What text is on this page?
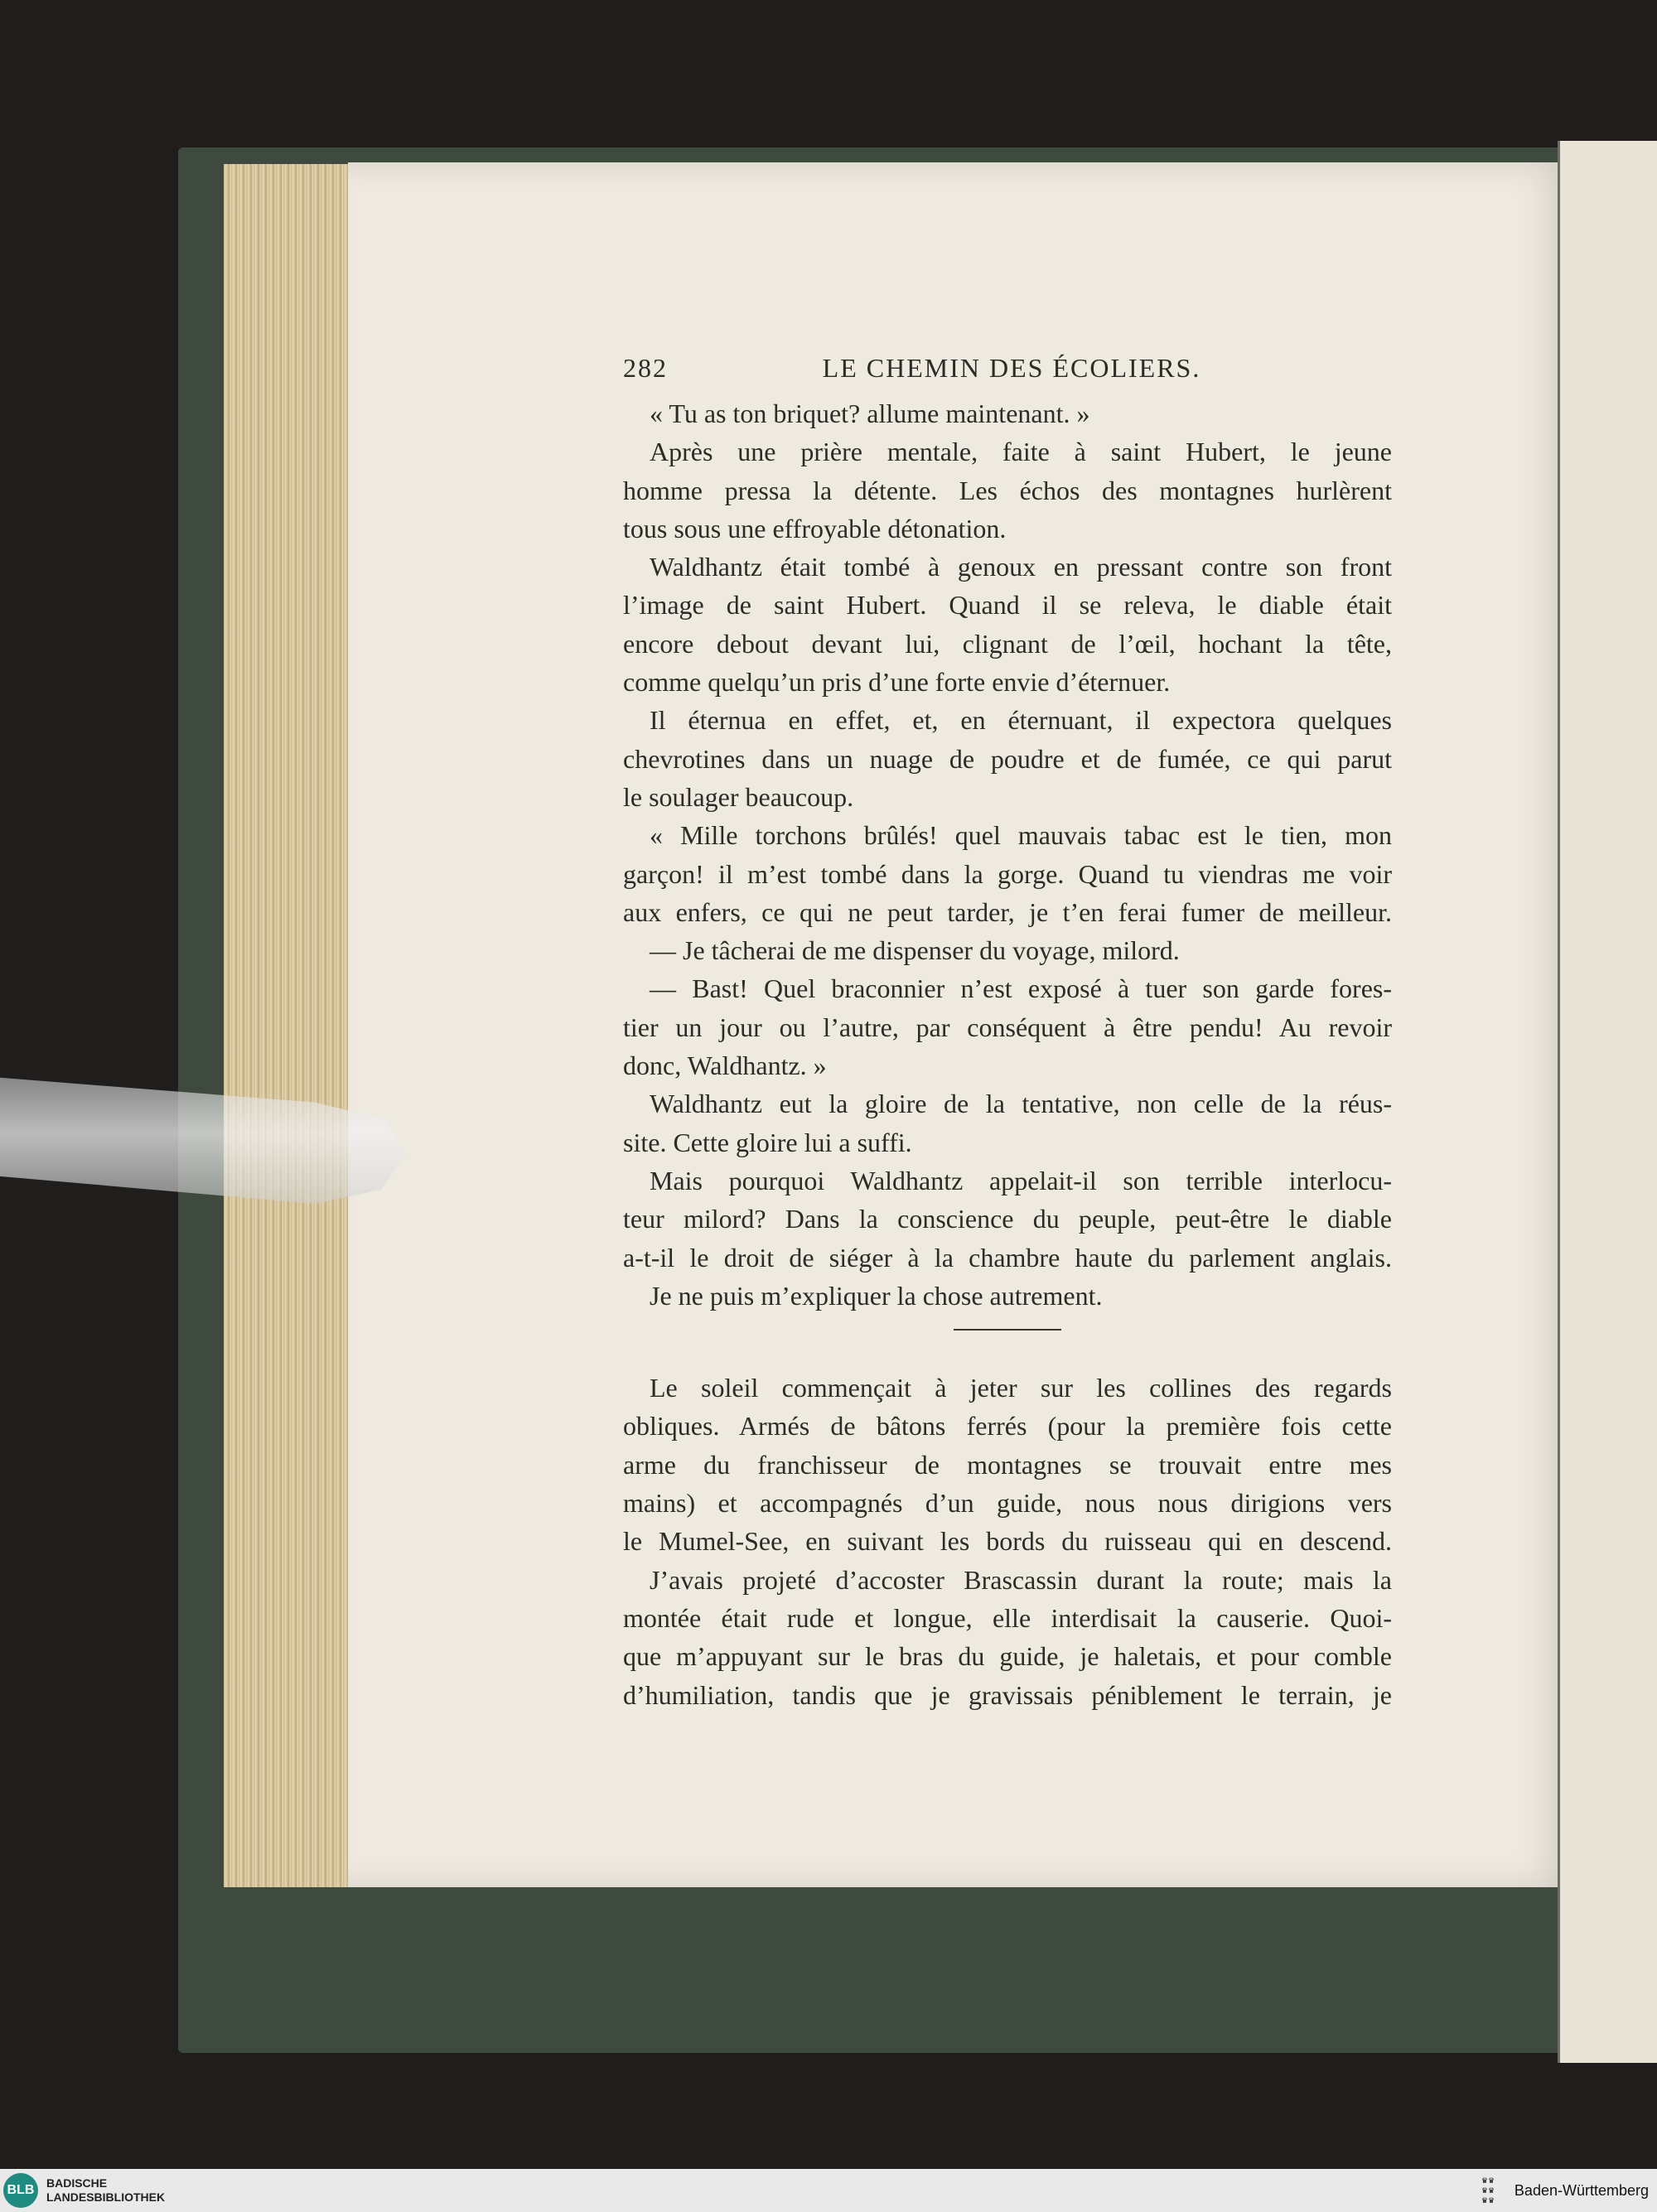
282	LE CHEMIN DES ÉCOLIERS.
« Tu as ton briquet? allume maintenant. »
Après une prière mentale, faite à saint Hubert, le jeune
homme pressa la détente. Les échos des montagnes hurlèrent
tous sous une effroyable détonation.
Waldhantz était tombé à genoux en pressant contre son front
l’image de saint Hubert. Quand il se releva, le diable était
encore debout devant lui, clignant de l’œil, hochant la tête,
comme quelqu’un pris d’une forte envie d’éternuer.
Il éternua en effet, et, en éternuant, il expectora quelques
chevrotines dans un nuage de poudre et de fumée, ce qui parut
le soulager beaucoup.
« Mille torchons brûlés! quel mauvais tabac est le tien, mon
garçon! il m’est tombé dans la gorge. Quand tu viendras me voir
aux enfers, ce qui ne peut tarder, je t’en ferai fumer de meilleur.
— Je tâcherai de me dispenser du voyage, milord.
— Bast! Quel braconnier n’est exposé à tuer son garde fores-
tier un jour ou l’autre, par conséquent à être pendu! Au revoir
donc, Waldhantz. »
Waldhantz eut la gloire de la tentative, non celle de la réus-
site. Cette gloire lui a suffi.
Mais pourquoi Waldhantz appelait-il son terrible interlocu-
teur milord? Dans la conscience du peuple, peut-être le diable
a-t-il le droit de siéger à la chambre haute du parlement anglais.
Je ne puis m’expliquer la chose autrement.
Le soleil commençait à jeter sur les collines des regards
obliques. Armés de bâtons ferrés (pour la première fois cette
arme du franchisseur de montagnes se trouvait entre mes
mains) et accompagnés d’un guide, nous nous dirigions vers
le Mumel-See, en suivant les bords du ruisseau qui en descend.
J’avais projeté d’accoster Brascassin durant la route; mais la
montée était rude et longue, elle interdisait la causerie. Quoi-
que m’appuyant sur le bras du guide, je haletais, et pour comble
d’humiliation, tandis que je gravissais péniblement le terrain, je
BLB	BADISCHE
LANDESBIBLIOTHEK
♛♛
♛♛
♛♛
Baden-Württemberg
